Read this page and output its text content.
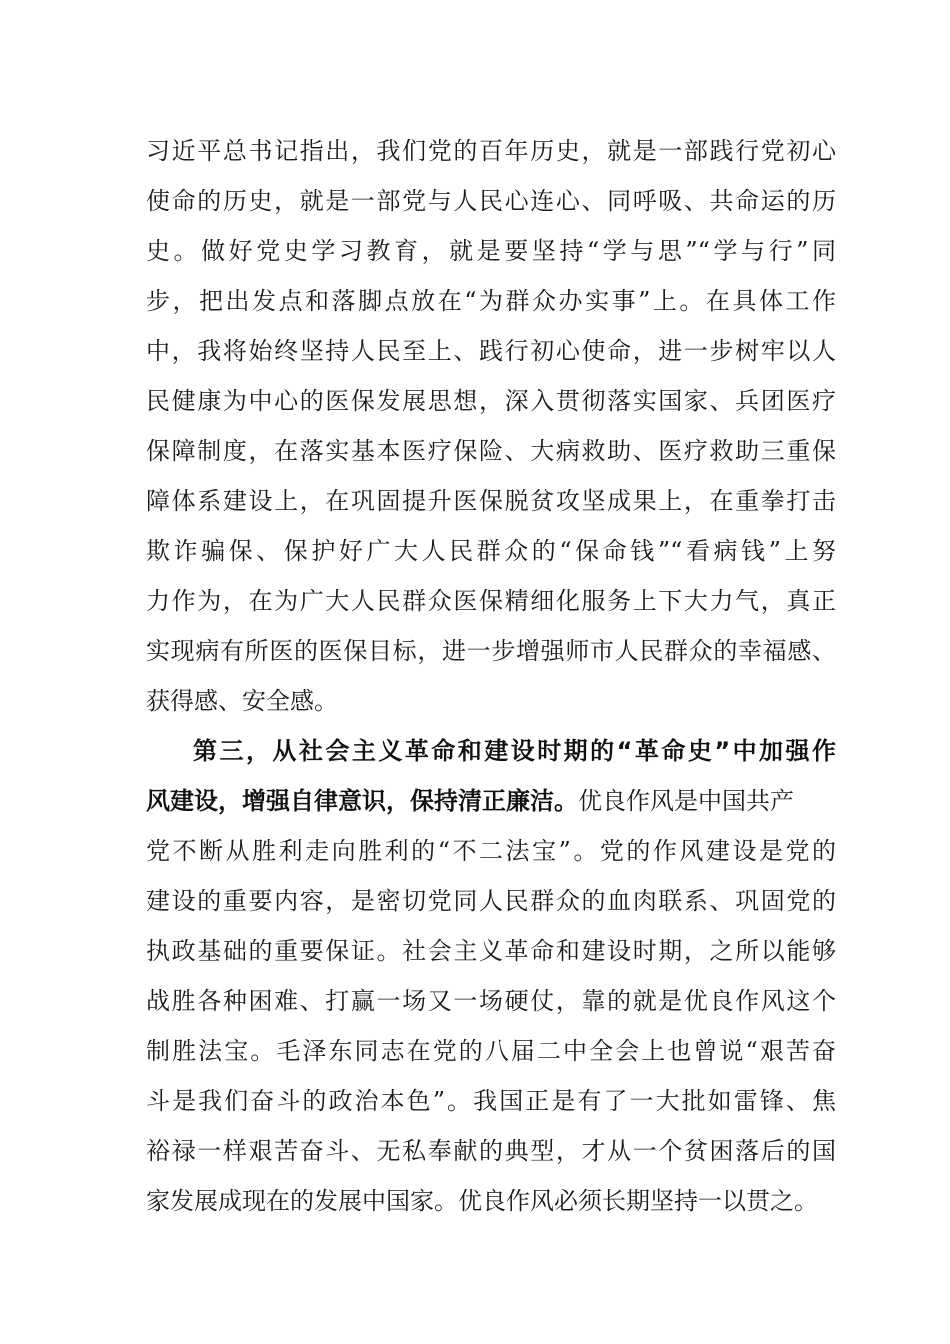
习近平总书记指出，我们党的百年历史，就是一部践行党初心
使命的历史，就是一部党与人民心连心、同呼吸、共命运的历
史。做好党史学习教育，就是要坚持“学与思”“学与行”同
步，把出发点和落脚点放在“为群众办实事”上。在具体工作
中，我将始终坚持人民至上、践行初心使命，进一步树牢以人
民健康为中心的医保发展思想，深入贯彻落实国家、兵团医疗
保障制度，在落实基本医疗保险、大病救助、医疗救助三重保
障体系建设上，在巩固提升医保脱贫攻坚成果上，在重拳打击
欺诈骗保、保护好广大人民群众的“保命钱”“看病钱”上努
力作为，在为广大人民群众医保精细化服务上下大力气，真正
实现病有所医的医保目标，进一步增强师市人民群众的幸福感、
获得感、安全感。
第三，从社会主义革命和建设时期的“革命史”中加强作
风建设，增强自律意识，保持清正廉洁。优良作风是中国共产
党不断从胜利走向胜利的“不二法宝”。党的作风建设是党的
建设的重要内容，是密切党同人民群众的血肉联系、巩固党的
执政基础的重要保证。社会主义革命和建设时期，之所以能够
战胜各种困难、打赢一场又一场硬仗，靠的就是优良作风这个
制胜法宝。毛泽东同志在党的八届二中全会上也曾说“艰苦奋
斗是我们奋斗的政治本色”。我国正是有了一大批如雷锋、焦
裕禄一样艰苦奋斗、无私奉献的典型，才从一个贫困落后的国
家发展成现在的发展中国家。优良作风必须长期坚持一以贯之。
